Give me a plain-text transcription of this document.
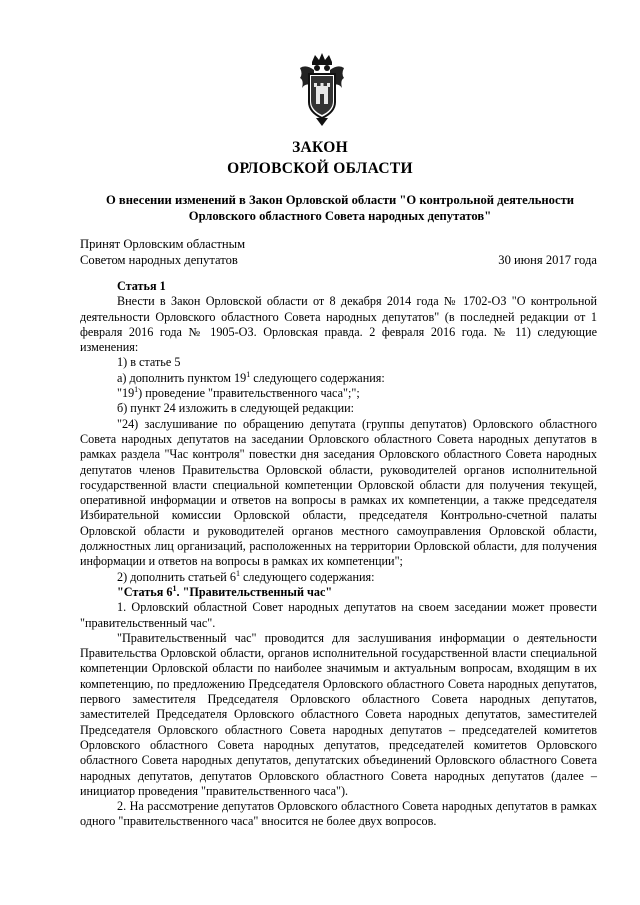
ЗАКОН
ОРЛОВСКОЙ ОБЛАСТИ
О внесении изменений в Закон Орловской области "О контрольной деятельности
Орловского областного Совета народных депутатов"
Принят Орловским областным
Советом народных депутатов	30 июня 2017 года

Статья 1

Внести в Закон Орловской области от 8 декабря 2014 года № 1702-ОЗ "О контрольной деятельности Орловского областного Совета народных депутатов" (в последней редакции от 1 февраля 2016 года № 1905-ОЗ. Орловская правда. 2 февраля 2016 года. № 11) следующие изменения:

1) в статье 5

а) дополнить пунктом $19^1$ следующего содержания:

"$19^1$) проведение "правительственного часа";";

б) пункт 24 изложить в следующей редакции:

"24) заслушивание по обращению депутата (группы депутатов) Орловского областного Совета народных депутатов на заседании Орловского областного Совета народных депутатов в рамках раздела "Час контроля" повестки дня заседания Орловского областного Совета народных депутатов членов Правительства Орловской области, руководителей органов исполнительной государственной власти специальной компетенции Орловской области для получения текущей, оперативной информации и ответов на вопросы в рамках их компетенции, а также председателя Избирательной комиссии Орловской области, председателя Контрольно-счетной палаты Орловской области и руководителей органов местного самоуправления Орловской области, должностных лиц организаций, расположенных на территории Орловской области, для получения информации и ответов на вопросы в рамках их компетенции";

2) дополнить статьей $6^1$ следующего содержания:

"Статья $6^1$. "Правительственный час"

1. Орловский областной Совет народных депутатов на своем заседании может провести "правительственный час".

"Правительственный час" проводится для заслушивания информации о деятельности Правительства Орловской области, органов исполнительной государственной власти специальной компетенции Орловской области по наиболее значимым и актуальным вопросам, входящим в их компетенцию, по предложению Председателя Орловского областного Совета народных депутатов, первого заместителя Председателя Орловского областного Совета народных депутатов, заместителей Председателя Орловского областного Совета народных депутатов, заместителей Председателя Орловского областного Совета народных депутатов – председателей комитетов Орловского областного Совета народных депутатов, председателей комитетов Орловского областного Совета народных депутатов, депутатских объединений Орловского областного Совета народных депутатов, депутатов Орловского областного Совета народных депутатов (далее – инициатор проведения "правительственного часа").

2. На рассмотрение депутатов Орловского областного Совета народных депутатов в рамках одного "правительственного часа" вносится не более двух вопросов.
